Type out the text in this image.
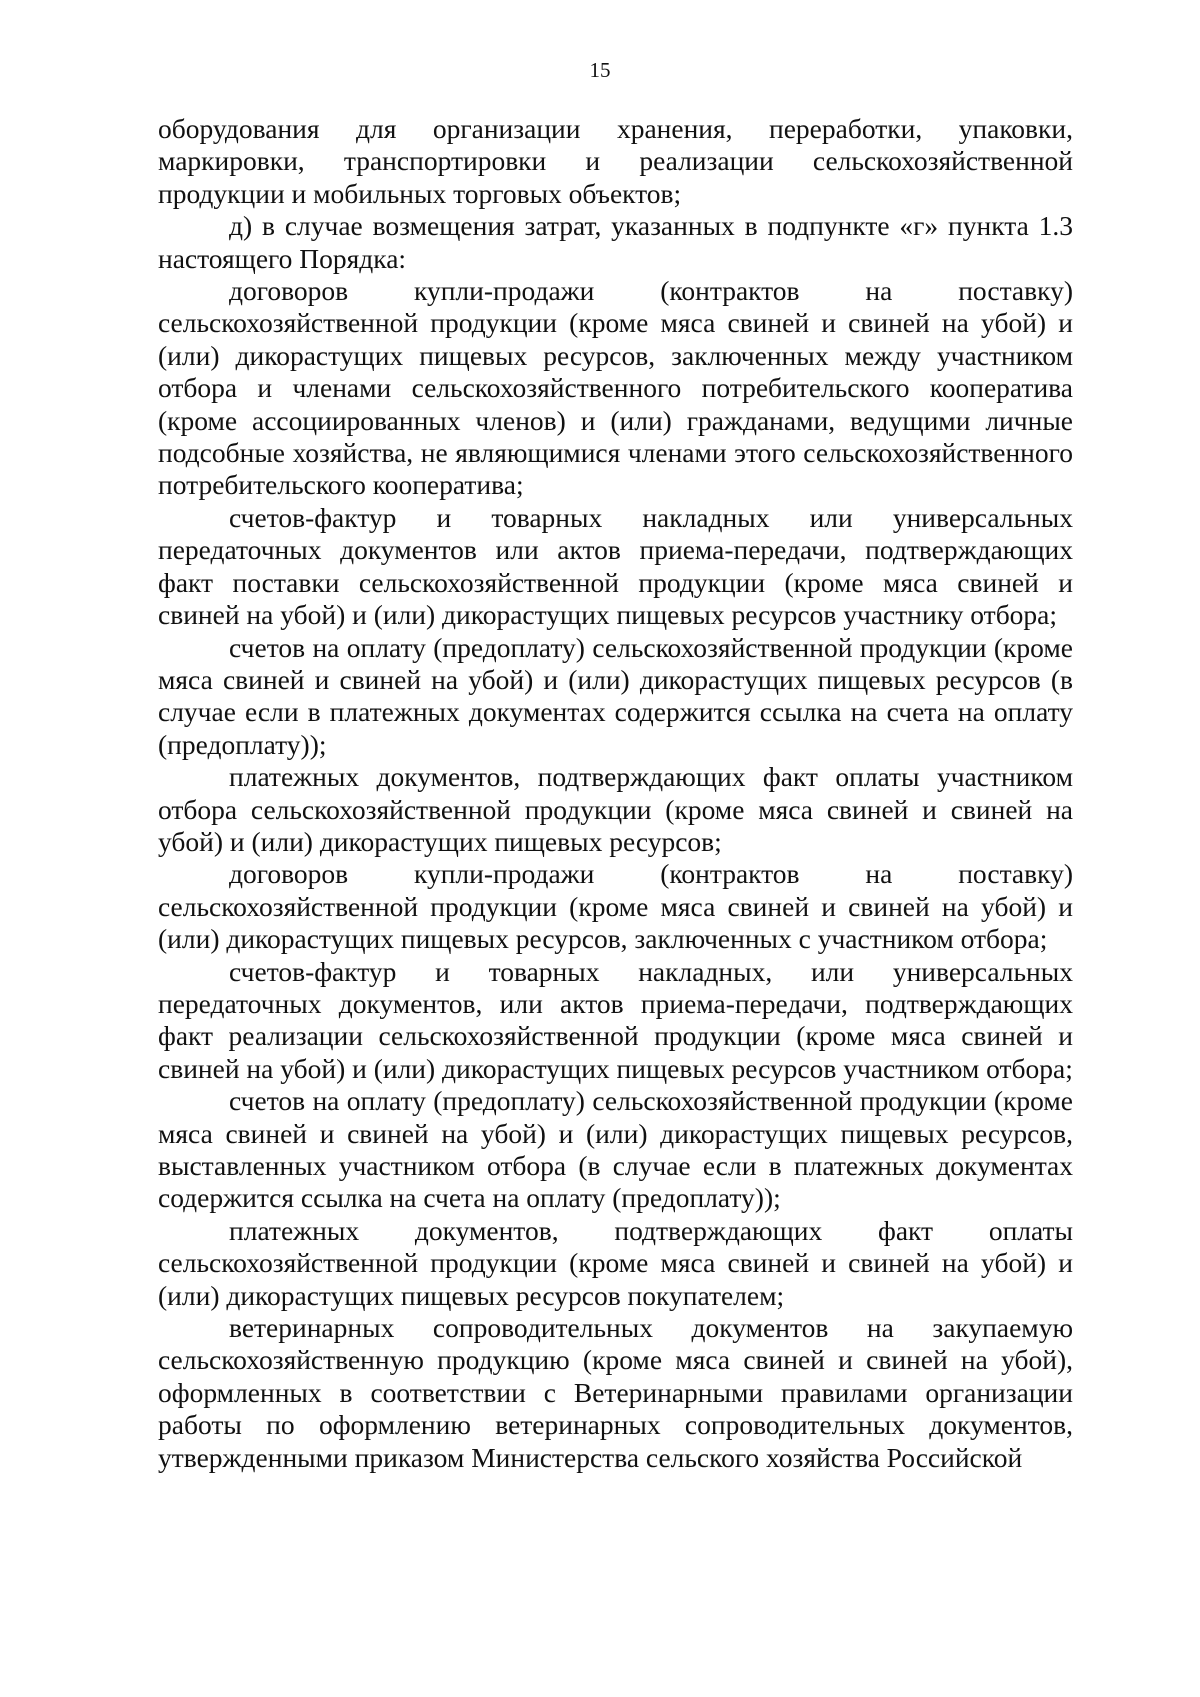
15

оборудования для организации хранения, переработки, упаковки, маркировки, транспортировки и реализации сельскохозяйственной продукции и мобильных торговых объектов;

д) в случае возмещения затрат, указанных в подпункте «г» пункта 1.3 настоящего Порядка:

договоров купли-продажи (контрактов на поставку) сельскохозяйственной продукции (кроме мяса свиней и свиней на убой) и (или) дикорастущих пищевых ресурсов, заключенных между участником отбора и членами сельскохозяйственного потребительского кооператива (кроме ассоциированных членов) и (или) гражданами, ведущими личные подсобные хозяйства, не являющимися членами этого сельскохозяйственного потребительского кооператива;

счетов-фактур и товарных накладных или универсальных передаточных документов или актов приема-передачи, подтверждающих факт поставки сельскохозяйственной продукции (кроме мяса свиней и свиней на убой) и (или) дикорастущих пищевых ресурсов участнику отбора;

счетов на оплату (предоплату) сельскохозяйственной продукции (кроме мяса свиней и свиней на убой) и (или) дикорастущих пищевых ресурсов (в случае если в платежных документах содержится ссылка на счета на оплату (предоплату));

платежных документов, подтверждающих факт оплаты участником отбора сельскохозяйственной продукции (кроме мяса свиней и свиней на убой) и (или) дикорастущих пищевых ресурсов;

договоров купли-продажи (контрактов на поставку) сельскохозяйственной продукции (кроме мяса свиней и свиней на убой) и (или) дикорастущих пищевых ресурсов, заключенных с участником отбора;

счетов-фактур и товарных накладных, или универсальных передаточных документов, или актов приема-передачи, подтверждающих факт реализации сельскохозяйственной продукции (кроме мяса свиней и свиней на убой) и (или) дикорастущих пищевых ресурсов участником отбора;

счетов на оплату (предоплату) сельскохозяйственной продукции (кроме мяса свиней и свиней на убой) и (или) дикорастущих пищевых ресурсов, выставленных участником отбора (в случае если в платежных документах содержится ссылка на счета на оплату (предоплату));

платежных документов, подтверждающих факт оплаты сельскохозяйственной продукции (кроме мяса свиней и свиней на убой) и (или) дикорастущих пищевых ресурсов покупателем;

ветеринарных сопроводительных документов на закупаемую сельскохозяйственную продукцию (кроме мяса свиней и свиней на убой), оформленных в соответствии с Ветеринарными правилами организации работы по оформлению ветеринарных сопроводительных документов, утвержденными приказом Министерства сельского хозяйства Российской
